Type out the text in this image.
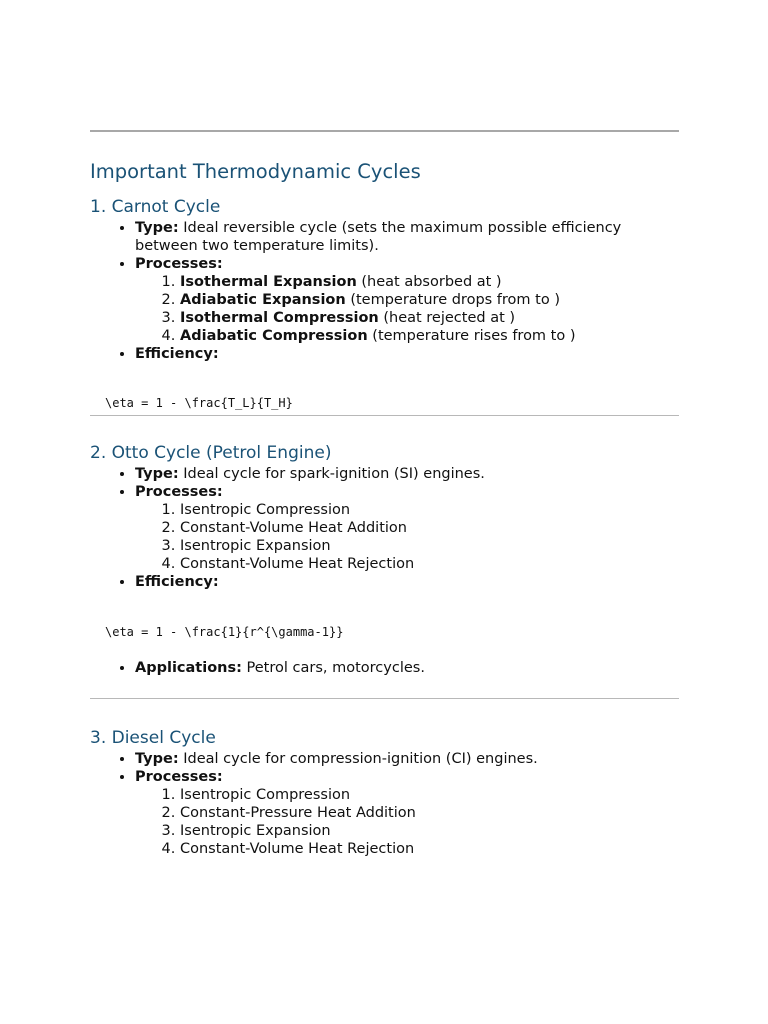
Important Thermodynamic Cycles
1. Carnot Cycle
• Type: Ideal reversible cycle (sets the maximum possible efficiency between two temperature limits).
• Processes:
1. Isothermal Expansion (heat absorbed at )
2. Adiabatic Expansion (temperature drops from to )
3. Isothermal Compression (heat rejected at )
4. Adiabatic Compression (temperature rises from to )
• Efficiency:
\eta = 1 - \frac{T_L}{T_H}
2. Otto Cycle (Petrol Engine)
• Type: Ideal cycle for spark-ignition (SI) engines.
• Processes:
1. Isentropic Compression
2. Constant-Volume Heat Addition
3. Isentropic Expansion
4. Constant-Volume Heat Rejection
• Efficiency:
\eta = 1 - \frac{1}{r^{\gamma-1}}
• Applications: Petrol cars, motorcycles.
3. Diesel Cycle
• Type: Ideal cycle for compression-ignition (CI) engines.
• Processes:
1. Isentropic Compression
2. Constant-Pressure Heat Addition
3. Isentropic Expansion
4. Constant-Volume Heat Rejection
